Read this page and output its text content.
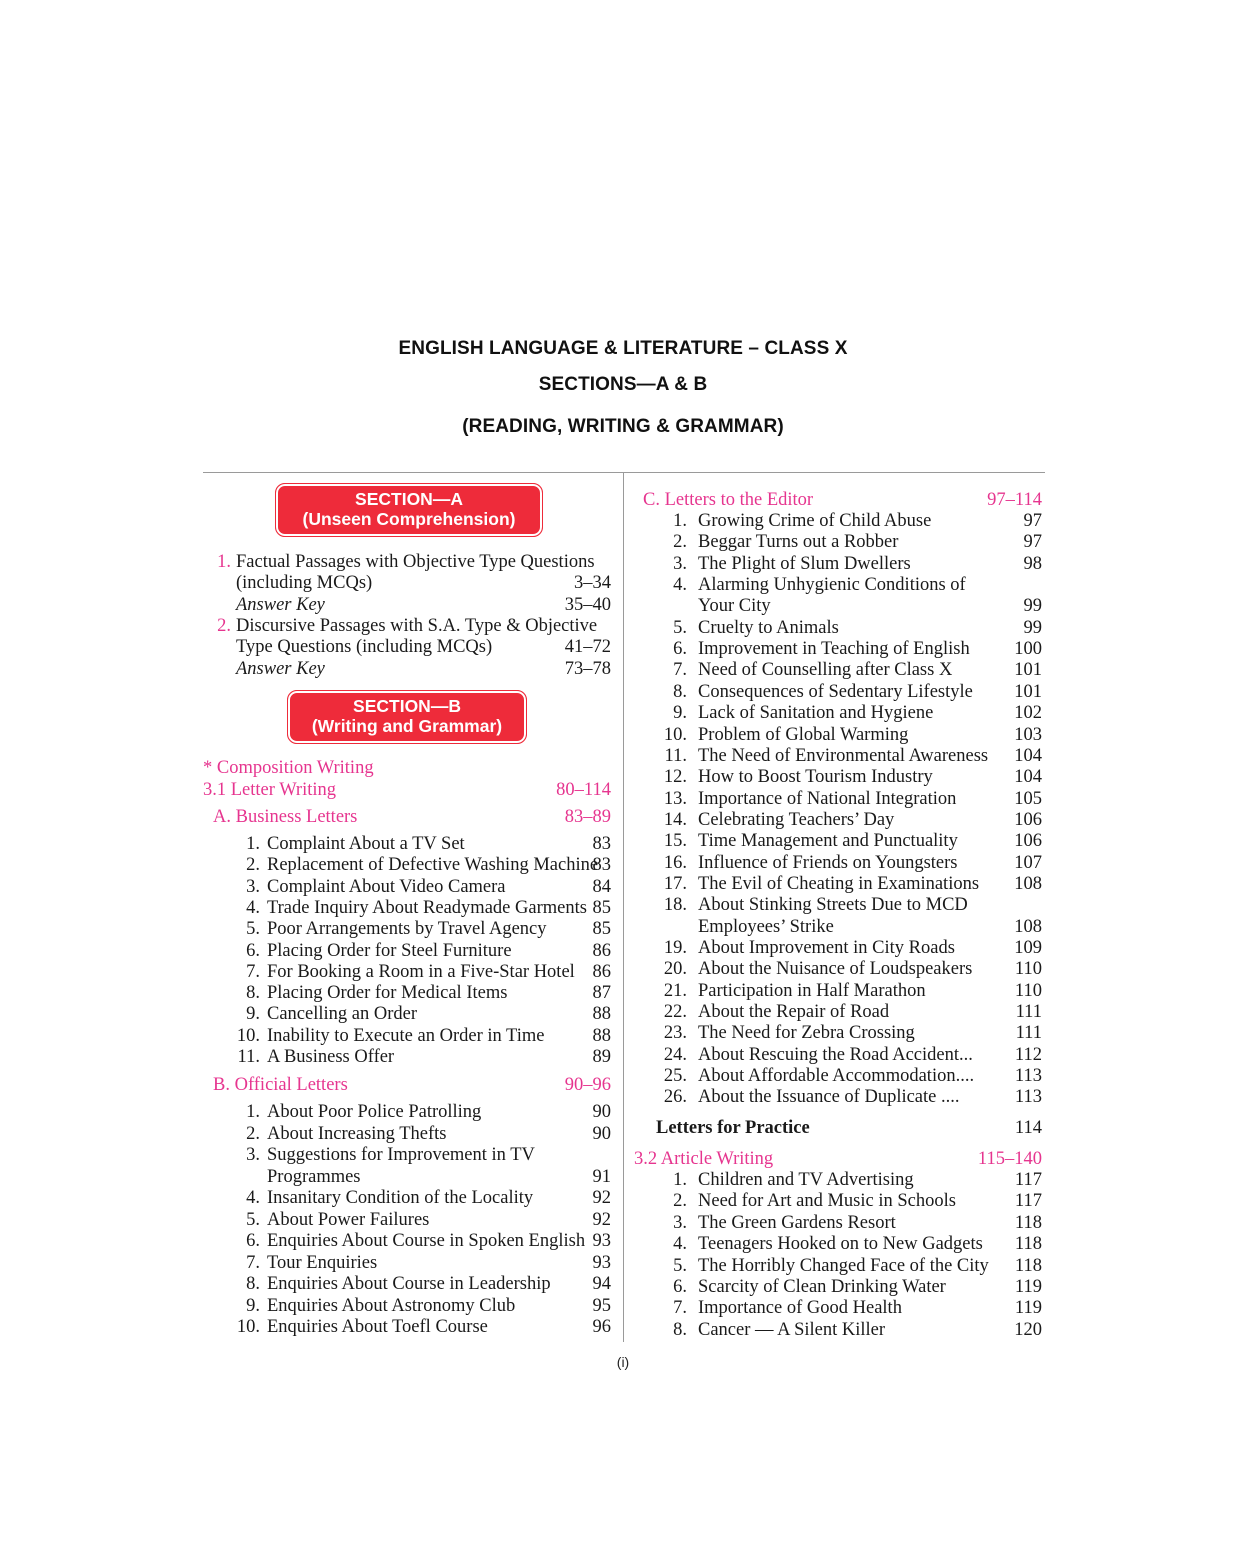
ENGLISH LANGUAGE & LITERATURE – CLASS X
SECTIONS—A & B
(READING, WRITING & GRAMMAR)
SECTION—A
(Unseen Comprehension)
1. Factual Passages with Objective Type Questions
(including MCQs)	3–34
Answer Key	35–40
2. Discursive Passages with S.A. Type & Objective
Type Questions (including MCQs)	41–72
Answer Key	73–78
* Composition Writing
3.1 Letter Writing	80–114
A. Business Letters	83–89
1. Complaint About a TV Set	83
2. Replacement of Defective Washing Machine
83
3. Complaint About Video Camera	84
4. Trade Inquiry About Readymade Garments 85
5. Poor Arrangements by Travel Agency 85
6. Placing Order for Steel Furniture	86
7. For Booking a Room in a Five-Star Hotel 86
8. Placing Order for Medical Items	87
9. Cancelling an Order	88
10. Inability to Execute an Order in Time	88
11. A Business Offer	89
B. Official Letters	90–96
1. About Poor Police Patrolling	90
2. About Increasing Thefts	90
3. Suggestions for Improvement in TV
Programmes	91
4. Insanitary Condition of the Locality	92
5. About Power Failures	92
6. Enquiries About Course in Spoken English 93
7. Tour Enquiries	93
8. Enquiries About Course in Leadership 94
9. Enquiries About Astronomy Club	95
10. Enquiries About Toefl Course	96
SECTION—B
(Writing and Grammar)
C. Letters to the Editor	97–114
1. Growing Crime of Child Abuse	97
2. Beggar Turns out a Robber	97
3. The Plight of Slum Dwellers	98
4. Alarming Unhygienic Conditions of
Your City	99
5. Cruelty to Animals	99
6. Improvement in Teaching of English 100
7. Need of Counselling after Class X	101
8. Consequences of Sedentary Lifestyle 101
9. Lack of Sanitation and Hygiene	102
10. Problem of Global Warming	103
11. The Need of Environmental Awareness 104
12. How to Boost Tourism Industry	104
13. Importance of National Integration	105
14. Celebrating Teachers’ Day	106
15. Time Management and Punctuality	106
16. Influence of Friends on Youngsters	107
17. The Evil of Cheating in Examinations 108
18. About Stinking Streets Due to MCD
Employees’ Strike	108
19. About Improvement in City Roads	109
20. About the Nuisance of Loudspeakers 110
21. Participation in Half Marathon	110
22. About the Repair of Road	111
23. The Need for Zebra Crossing	111
24. About Rescuing the Road Accident... 112
25. About Affordable Accommodation.... 113
26. About the Issuance of Duplicate ....	113
Letters for Practice	114
3.2 Article Writing	115–140
1. Children and TV Advertising	117
2. Need for Art and Music in Schools	117
3. The Green Gardens Resort	118
4. Teenagers Hooked on to New Gadgets 118
5. The Horribly Changed Face of the City 118
6. Scarcity of Clean Drinking Water	119
7. Importance of Good Health	119
8. Cancer — A Silent Killer	120
(i)
